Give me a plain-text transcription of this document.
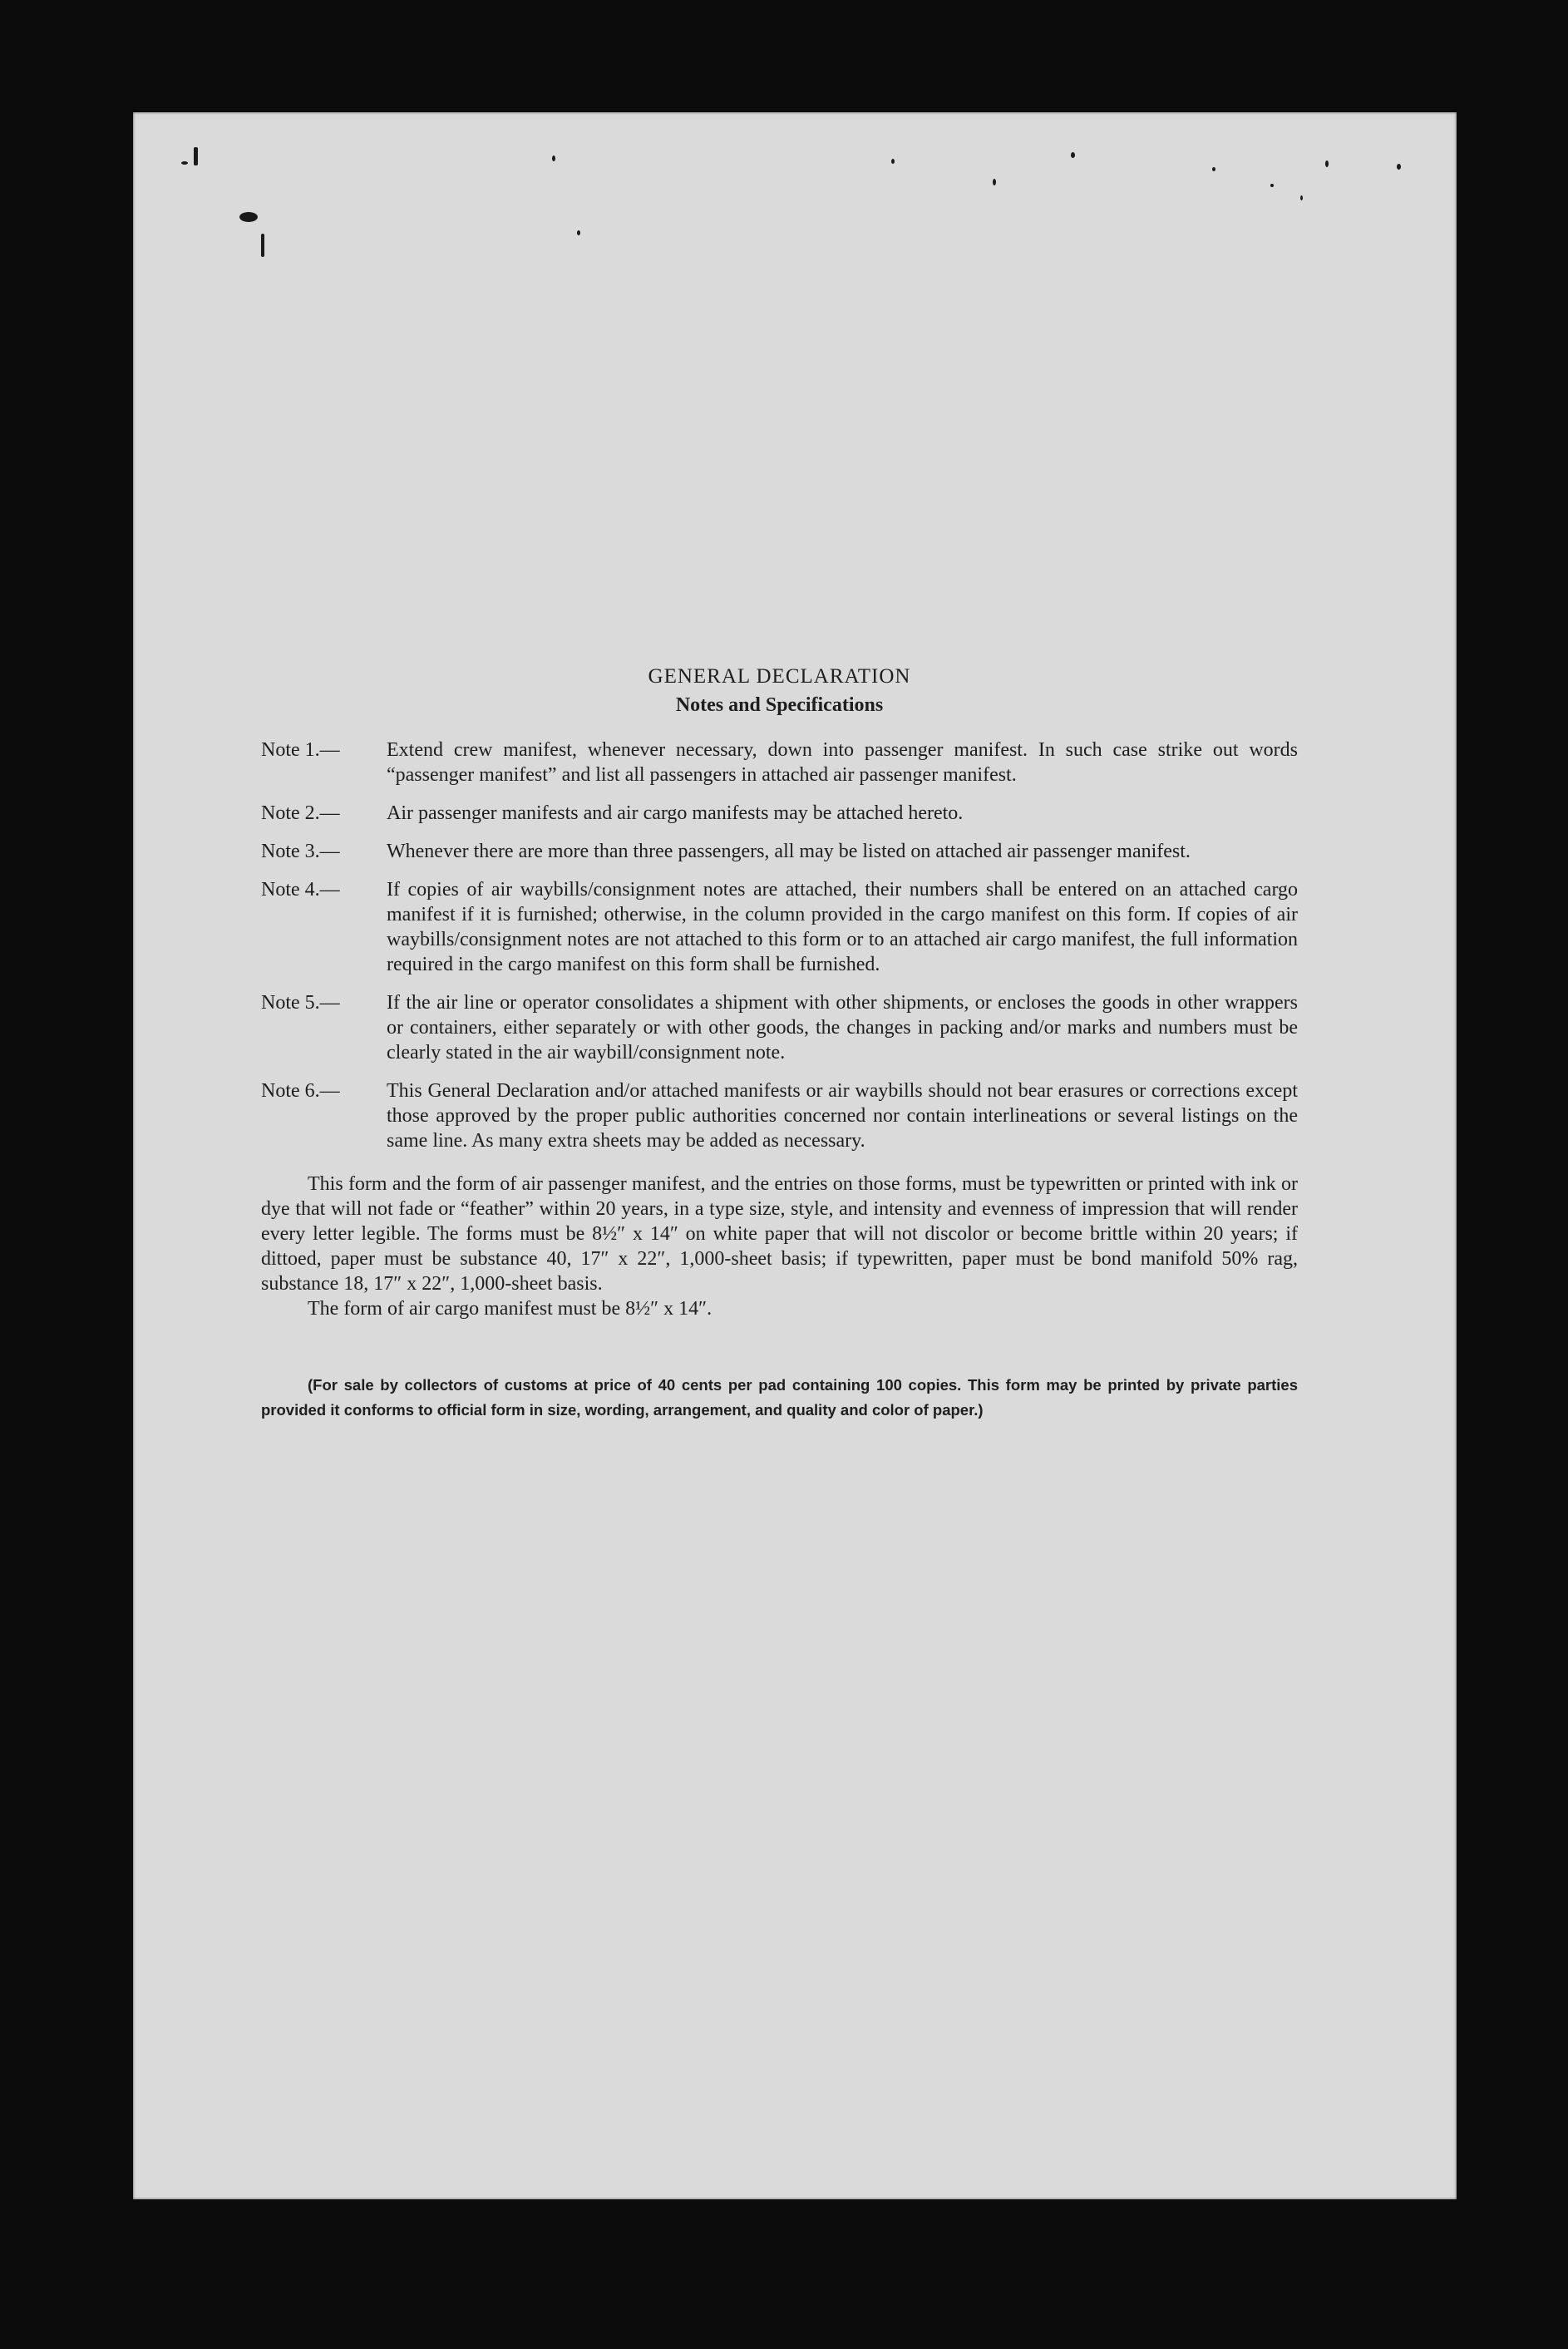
GENERAL DECLARATION

Notes and Specifications

Note 1.—	Extend crew manifest, whenever necessary, down into passenger manifest. In such case strike out words “passenger manifest” and list all passengers in attached air passenger manifest.
Note 2.—	Air passenger manifests and air cargo manifests may be attached hereto.
Note 3.—	Whenever there are more than three passengers, all may be listed on attached air passenger manifest.
Note 4.—	If copies of air waybills/consignment notes are attached, their numbers shall be entered on an attached cargo manifest if it is furnished; otherwise, in the column provided in the cargo manifest on this form. If copies of air waybills/consignment notes are not attached to this form or to an attached air cargo manifest, the full information required in the cargo manifest on this form shall be furnished.
Note 5.—	If the air line or operator consolidates a shipment with other shipments, or encloses the goods in other wrappers or containers, either separately or with other goods, the changes in packing and/or marks and numbers must be clearly stated in the air waybill/consignment note.
Note 6.—	This General Declaration and/or attached manifests or air waybills should not bear erasures or corrections except those approved by the proper public authorities concerned nor contain interlineations or several listings on the same line. As many extra sheets may be added as necessary.

This form and the form of air passenger manifest, and the entries on those forms, must be typewritten or printed with ink or dye that will not fade or “feather” within 20 years, in a type size, style, and intensity and evenness of impression that will render every letter legible. The forms must be 8½″ x 14″ on white paper that will not discolor or become brittle within 20 years; if dittoed, paper must be substance 40, 17″ x 22″, 1,000-sheet basis; if typewritten, paper must be bond manifold 50% rag, substance 18, 17″ x 22″, 1,000-sheet basis.

The form of air cargo manifest must be 8½″ x 14″.

(For sale by collectors of customs at price of 40 cents per pad containing 100 copies. This form may be printed by private parties provided it conforms to official form in size, wording, arrangement, and quality and color of paper.)
